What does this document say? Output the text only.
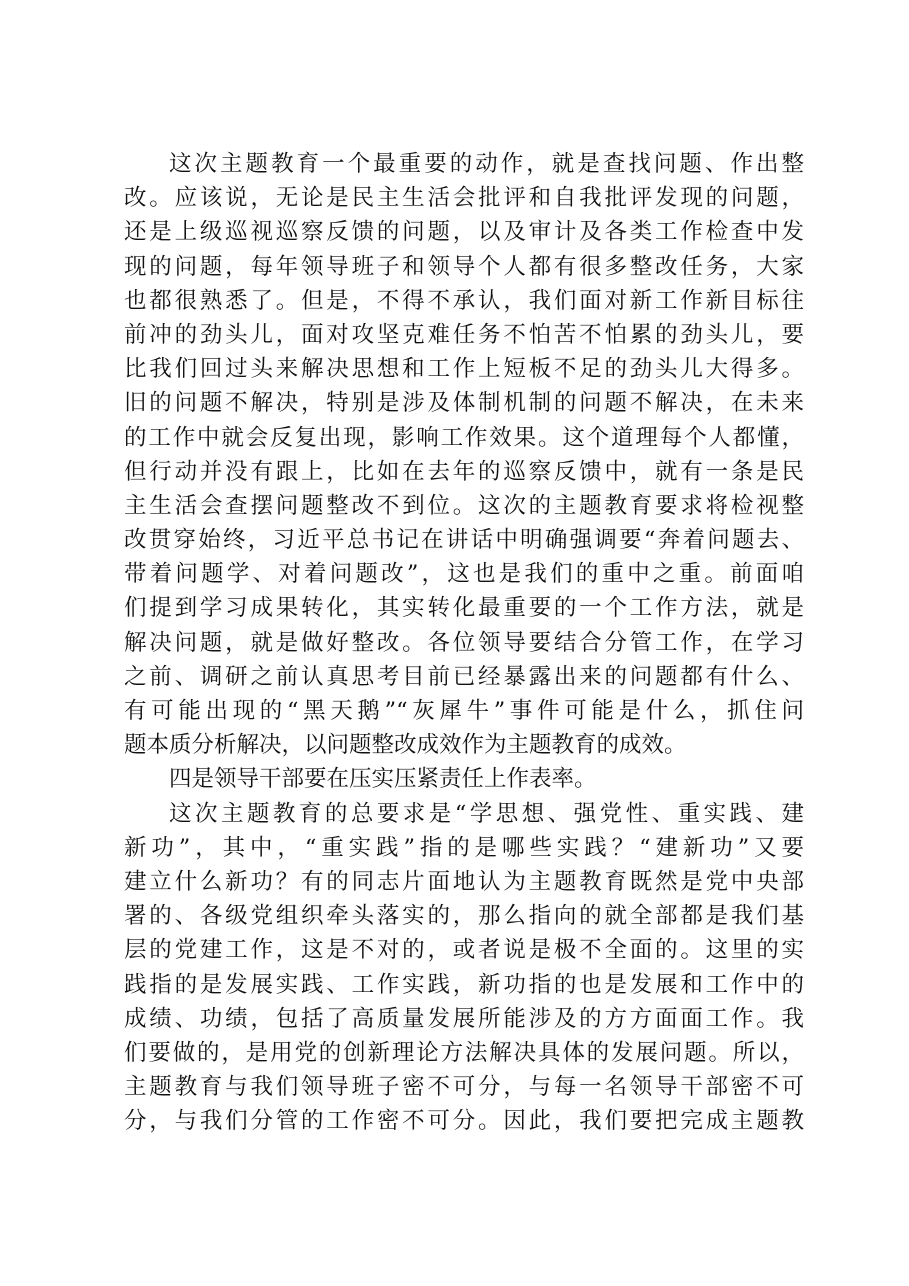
这次主题教育一个最重要的动作，就是查找问题、作出整
改。应该说，无论是民主生活会批评和自我批评发现的问题，
还是上级巡视巡察反馈的问题，以及审计及各类工作检查中发
现的问题，每年领导班子和领导个人都有很多整改任务，大家
也都很熟悉了。但是，不得不承认，我们面对新工作新目标往
前冲的劲头儿，面对攻坚克难任务不怕苦不怕累的劲头儿，要
比我们回过头来解决思想和工作上短板不足的劲头儿大得多。
旧的问题不解决，特别是涉及体制机制的问题不解决，在未来
的工作中就会反复出现，影响工作效果。这个道理每个人都懂，
但行动并没有跟上，比如在去年的巡察反馈中，就有一条是民
主生活会查摆问题整改不到位。这次的主题教育要求将检视整
改贯穿始终，习近平总书记在讲话中明确强调要“奔着问题去、
带着问题学、对着问题改”，这也是我们的重中之重。前面咱
们提到学习成果转化，其实转化最重要的一个工作方法，就是
解决问题，就是做好整改。各位领导要结合分管工作，在学习
之前、调研之前认真思考目前已经暴露出来的问题都有什么、
有可能出现的“黑天鹅”“灰犀牛”事件可能是什么，抓住问
题本质分析解决，以问题整改成效作为主题教育的成效。
四是领导干部要在压实压紧责任上作表率。
这次主题教育的总要求是“学思想、强党性、重实践、建
新功”，其中，“重实践”指的是哪些实践？“建新功”又要
建立什么新功？有的同志片面地认为主题教育既然是党中央部
署的、各级党组织牵头落实的，那么指向的就全部都是我们基
层的党建工作，这是不对的，或者说是极不全面的。这里的实
践指的是发展实践、工作实践，新功指的也是发展和工作中的
成绩、功绩，包括了高质量发展所能涉及的方方面面工作。我
们要做的，是用党的创新理论方法解决具体的发展问题。所以，
主题教育与我们领导班子密不可分，与每一名领导干部密不可
分，与我们分管的工作密不可分。因此，我们要把完成主题教
